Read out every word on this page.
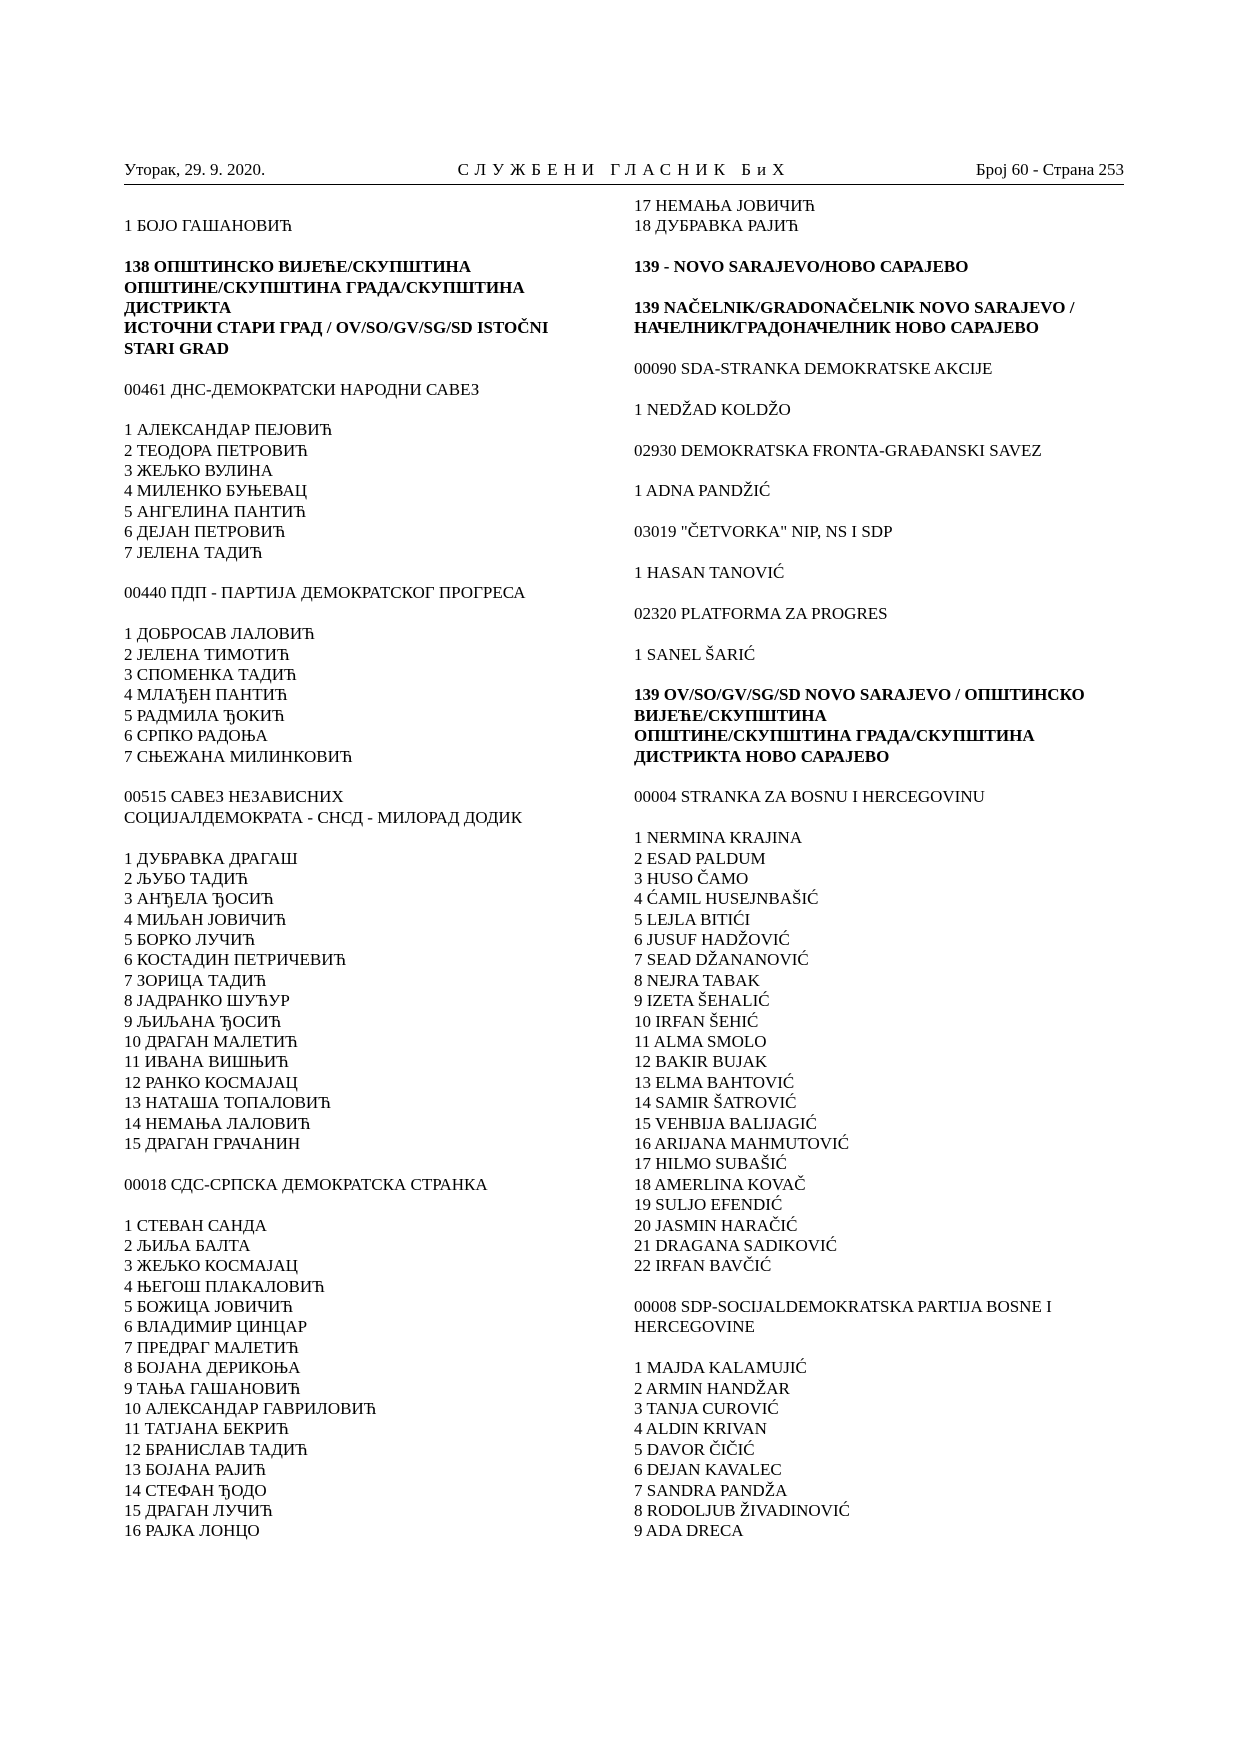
Уторак, 29. 9. 2020.	СЛУЖБЕНИ ГЛАСНИК БиХ	Број 60 - Страна 253
1 БОЈО ГАШАНОВИЋ
138 ОПШТИНСКО ВИЈЕЋЕ/СКУПШТИНА
ОПШТИНЕ/СКУПШТИНА ГРАДА/СКУПШТИНА
ДИСТРИКТА
ИСТОЧНИ СТАРИ ГРАД / OV/SO/GV/SG/SD ISTOČNI
STARI GRAD
00461 ДНС-ДЕМОКРАТСКИ НАРОДНИ САВЕЗ
1 АЛЕКСАНДАР ПЕЈОВИЋ
2 ТЕОДОРА ПЕТРОВИЋ
3 ЖЕЉКО ВУЛИНА
4 МИЛЕНКО БУЊЕВАЦ
5 АНГЕЛИНА ПАНТИЋ
6 ДЕЈАН ПЕТРОВИЋ
7 ЈЕЛЕНА ТАДИЋ
00440 ПДП - ПАРТИЈА ДЕМОКРАТСКОГ ПРОГРЕСА
1 ДОБРОСАВ ЛАЛОВИЋ
2 ЈЕЛЕНА ТИМОТИЋ
3 СПОМЕНКА ТАДИЋ
4 МЛАЂЕН ПАНТИЋ
5 РАДМИЛА ЂОКИЋ
6 СРПКО РАДОЊА
7 СЊЕЖАНА МИЛИНКОВИЋ
00515 САВЕЗ НЕЗАВИСНИХ
СОЦИЈАЛДЕМОКРАТА - СНСД - МИЛОРАД ДОДИК
1 ДУБРАВКА ДРАГАШ
2 ЉУБО ТАДИЋ
3 АНЂЕЛА ЂОСИЋ
4 МИЉАН ЈОВИЧИЋ
5 БОРКО ЛУЧИЋ
6 КОСТАДИН ПЕТРИЧЕВИЋ
7 ЗОРИЦА ТАДИЋ
8 ЈАДРАНКО ШУЋУР
9 ЉИЉАНА ЂОСИЋ
10 ДРАГАН МАЛЕТИЋ
11 ИВАНА ВИШЊИЋ
12 РАНКО КОСМАЈАЦ
13 НАТАША ТОПАЛОВИЋ
14 НЕМАЊА ЛАЛОВИЋ
15 ДРАГАН ГРАЧАНИН
00018 СДС-СРПСКА ДЕМОКРАТСКА СТРАНКА
1 СТЕВАН САНДА
2 ЉИЉА БАЛТА
3 ЖЕЉКО КОСМАЈАЦ
4 ЊЕГОШ ПЛАКАЛОВИЋ
5 БОЖИЦА ЈОВИЧИЋ
6 ВЛАДИМИР ЦИНЦАР
7 ПРЕДРАГ МАЛЕТИЋ
8 БОЈАНА ДЕРИКОЊА
9 ТАЊА ГАШАНОВИЋ
10 АЛЕКСАНДАР ГАВРИЛОВИЋ
11 ТАТЈАНА БЕКРИЋ
12 БРАНИСЛАВ ТАДИЋ
13 БОЈАНА РАЈИЋ
14 СТЕФАН ЂОДО
15 ДРАГАН ЛУЧИЋ
16 РАЈКА ЛОНЦО
17 НЕМАЊА ЈОВИЧИЋ
18 ДУБРАВКА РАЈИЋ
139 - NOVO SARAJEVO/НОВО САРАЈЕВО
139 NAČELNIK/GRADONAČELNIK NOVO SARAJEVO /
НАЧЕЛНИК/ГРАДОНАЧЕЛНИК НОВО САРАЈЕВО
00090 SDA-STRANKA DEMOKRATSKE AKCIJE
1 NEDŽAD KOLDŽO
02930 DEMOKRATSKA FRONTA-GRAĐANSKI SAVEZ
1 ADNA PANDŽIĆ
03019 "ČETVORKA" NIP, NS I SDP
1 HASAN TANOVIĆ
02320 PLATFORMA ZA PROGRES
1 SANEL ŠARIĆ
139 OV/SO/GV/SG/SD NOVO SARAJEVO / ОПШТИНСКО
ВИЈЕЋЕ/СКУПШТИНА
ОПШТИНЕ/СКУПШТИНА ГРАДА/СКУПШТИНА
ДИСТРИКТА НОВО САРАЈЕВО
00004 STRANKA ZA BOSNU I HERCEGOVINU
1 NERMINA KRAJINA
2 ESAD PALDUM
3 HUSO ČAMO
4 ĆAMIL HUSEJNBAŠIĆ
5 LEJLA BITIĆI
6 JUSUF HADŽOVIĆ
7 SEAD DŽANANOVIĆ
8 NEJRA TABAK
9 IZETA ŠEHALIĆ
10 IRFAN ŠEHIĆ
11 ALMA SMOLO
12 BAKIR BUJAK
13 ELMA BAHTOVIĆ
14 SAMIR ŠATROVIĆ
15 VEHBIJA BALIJAGIĆ
16 ARIJANA MAHMUTOVIĆ
17 HILMO SUBAŠIĆ
18 AMERLINA KOVAČ
19 SULJO EFENDIĆ
20 JASMIN HARAČIĆ
21 DRAGANA SADIKOVIĆ
22 IRFAN BAVČIĆ
00008 SDP-SOCIJALDEMOKRATSKA PARTIJA BOSNE I
HERCEGOVINE
1 MAJDA KALAMUJIĆ
2 ARMIN HANDŽAR
3 TANJA CUROVIĆ
4 ALDIN KRIVAN
5 DAVOR ČIČIĆ
6 DEJAN KAVALEC
7 SANDRA PANDŽA
8 RODOLJUB ŽIVADINOVIĆ
9 ADA DRECA
